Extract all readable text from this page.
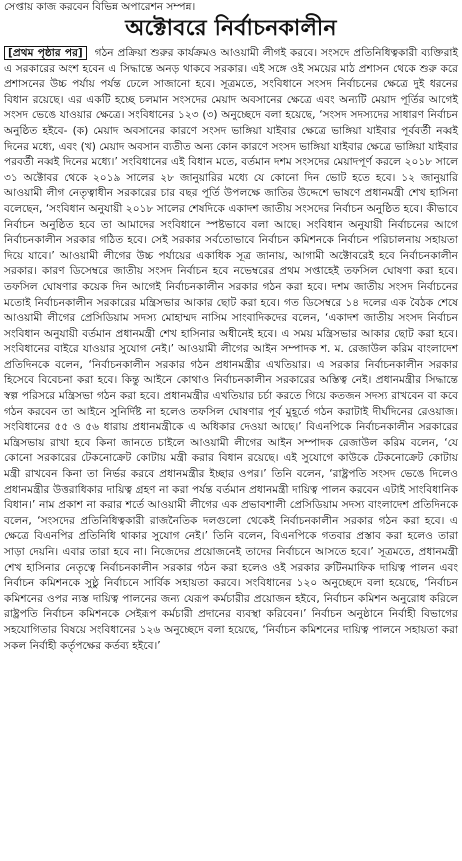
সেপ্তায় কাজ করবেন বিভিন্ন অপারেশন সম্পন্ন।
অক্টোবরে নির্বাচনকালীন

[প্রথম পৃষ্ঠার পর] গঠন প্রক্রিয়া শুরুর কার্যক্রমও আওয়ামী লীগই করবে। সংসদে প্রতিনিধিত্বকারী ব্যক্তিরাই এ সরকারের অংশ হবেন এ সিদ্ধান্তে অনড় থাকবে সরকার। এই সঙ্গে ওই সময়ের মাঠ প্রশাসন থেকে শুরু করে প্রশাসনের উচ্চ পর্যায় পর্যন্ত ঢেলে সাজানো হবে। সূত্রমতে, সংবিধানে সংসদ নির্বাচনের ক্ষেত্রে দুই ধরনের বিধান রয়েছে। এর একটি হচ্ছে চলমান সংসদের মেয়াদ অবসানের ক্ষেত্রে এবং অন্যটি মেয়াদ পূর্তির আগেই সংসদ ভেঙে যাওয়ার ক্ষেত্রে। সংবিধানের ১২৩ (৩) অনুচ্ছেদে বলা হয়েছে, ‘সংসদ সদস্যদের সাধারণ নির্বাচন অনুষ্ঠিত হইবে- (ক) মেয়াদ অবসানের কারণে সংসদ ভাঙ্গিয়া যাইবার ক্ষেত্রে ভাঙ্গিয়া যাইবার পূর্ববর্তী নব্বই দিনের মধ্যে, এবং (খ) মেয়াদ অবসান ব্যতীত অন্য কোন কারণে সংসদ ভাঙ্গিয়া যাইবার ক্ষেত্রে ভাঙ্গিয়া যাইবার পরবর্তী নব্বই দিনের মধ্যে।’ সংবিধানের এই বিধান মতে, বর্তমান দশম সংসদের মেয়াদপূর্ণ করলে ২০১৮ সালে ৩১ অক্টোবর থেকে ২০১৯ সালের ২৮ জানুয়ারির মধ্যে যে কোনো দিন ভোট হতে হবে। ১২ জানুয়ারি আওয়ামী লীগ নেতৃত্বাধীন সরকারের চার বছর পূর্তি উপলক্ষে জাতির উদ্দেশে ভাষণে প্রধানমন্ত্রী শেখ হাসিনা বলেছেন, ‘সংবিধান অনুযায়ী ২০১৮ সালের শেষদিকে একাদশ জাতীয় সংসদের নির্বাচন অনুষ্ঠিত হবে। কীভাবে নির্বাচন অনুষ্ঠিত হবে তা আমাদের সংবিধানে স্পষ্টভাবে বলা আছে। সংবিধান অনুযায়ী নির্বাচনের আগে নির্বাচনকালীন সরকার গঠিত হবে। সেই সরকার সর্বতোভাবে নির্বাচন কমিশনকে নির্বাচন পরিচালনায় সহায়তা দিয়ে যাবে।’ আওয়ামী লীগের উচ্চ পর্যায়ের একাধিক সূত্র জানায়, আগামী অক্টোবরেই হবে নির্বাচনকালীন সরকার। কারণ ডিসেম্বরে জাতীয় সংসদ নির্বাচন হবে নভেম্বরের প্রথম সপ্তাহেই তফসিল ঘোষণা করা হবে। তফসিল ঘোষণার কয়েক দিন আগেই নির্বাচনকালীন সরকার গঠন করা হবে। দশম জাতীয় সংসদ নির্বাচনের মতোই নির্বাচনকালীন সরকারের মন্ত্রিসভার আকার ছোট করা হবে। গত ডিসেম্বরে ১৪ দলের এক বৈঠক শেষে আওয়ামী লীগের প্রেসিডিয়াম সদস্য মোহাম্মদ নাসিম সাংবাদিকদের বলেন, ‘একাদশ জাতীয় সংসদ নির্বাচন সংবিধান অনুযায়ী বর্তমান প্রধানমন্ত্রী শেখ হাসিনার অধীনেই হবে। এ সময় মন্ত্রিসভার আকার ছোট করা হবে। সংবিধানের বাইরে যাওয়ার সুযোগ নেই।’ আওয়ামী লীগের আইন সম্পাদক শ. ম. রেজাউল করিম বাংলাদেশ প্রতিদিনকে বলেন, ‘নির্বাচনকালীন সরকার গঠন প্রধানমন্ত্রীর এখতিয়ার। এ সরকার নির্বাচনকালীন সরকার হিসেবে বিবেচনা করা হবে। কিন্তু আইনে কোথাও নির্বাচনকালীন সরকারের অস্তিত্ব নেই। প্রধানমন্ত্রীর সিদ্ধান্তে স্বল্প পরিসরে মন্ত্রিসভা গঠন করা হবে। প্রধানমন্ত্রীর এখতিয়ার চর্চা করতে গিয়ে কতজন সদস্য রাখবেন বা কবে গঠন করবেন তা আইনে সুনির্দিষ্ট না হলেও তফসিল ঘোষণার পূর্ব মুহূর্তে গঠন করাটাই দীর্ঘদিনের রেওয়াজ। সংবিধানের ৫৫ ও ৫৬ ধারায় প্রধানমন্ত্রীকে এ অধিকার দেওয়া আছে।’ বিএনপিকে নির্বাচনকালীন সরকারের মন্ত্রিসভায় রাখা হবে কিনা জানতে চাইলে আওয়ামী লীগের আইন সম্পাদক রেজাউল করিম বলেন, ‘যে কোনো সরকারের টেকনোক্রেট কোটায় মন্ত্রী করার বিধান রয়েছে। এই সুযোগে কাউকে টেকনোক্রেট কোটায় মন্ত্রী রাখবেন কিনা তা নির্ভর করবে প্রধানমন্ত্রীর ইচ্ছার ওপর।’ তিনি বলেন, ‘রাষ্ট্রপতি সংসদ ভেঙে দিলেও প্রধানমন্ত্রীর উত্তরাধিকার দায়িত্ব গ্রহণ না করা পর্যন্ত বর্তমান প্রধানমন্ত্রী দায়িত্ব পালন করবেন এটাই সাংবিধানিক বিধান।’ নাম প্রকাশ না করার শর্তে আওয়ামী লীগের এক প্রভাবশালী প্রেসিডিয়াম সদস্য বাংলাদেশ প্রতিদিনকে বলেন, ‘সংসদের প্রতিনিধিত্বকারী রাজনৈতিক দলগুলো থেকেই নির্বাচনকালীন সরকার গঠন করা হবে। এ ক্ষেত্রে বিএনপির প্রতিনিধি থাকার সুযোগ নেই।’ তিনি বলেন, বিএনপিকে গতবার প্রস্তাব করা হলেও তারা সাড়া দেয়নি। এবার তারা হবে না। নিজেদের প্রয়োজনেই তাদের নির্বাচনে আসতে হবে।’ সূত্রমতে, প্রধানমন্ত্রী শেখ হাসিনার নেতৃত্বে নির্বাচনকালীন সরকার গঠন করা হলেও ওই সরকার রুটিনমাফিক দায়িত্ব পালন এবং নির্বাচন কমিশনকে সুষ্ঠু নির্বাচনে সার্বিক সহায়তা করবে। সংবিধানের ১২০ অনুচ্ছেদে বলা হয়েছে, ‘নির্বাচন কমিশনের ওপর ন্যস্ত দায়িত্ব পালনের জন্য যেরূপ কর্মচারীর প্রয়োজন হইবে, নির্বাচন কমিশন অনুরোধ করিলে রাষ্ট্রপতি নির্বাচন কমিশনকে সেইরূপ কর্মচারী প্রদানের ব্যবস্থা করিবেন।’ নির্বাচন অনুষ্ঠানে নির্বাহী বিভাগের সহযোগিতার বিষয়ে সংবিধানের ১২৬ অনুচ্ছেদে বলা হয়েছে, ‘নির্বাচন কমিশনের দায়িত্ব পালনে সহায়তা করা সকল নির্বাহী কর্তৃপক্ষের কর্তব্য হইবে।’
